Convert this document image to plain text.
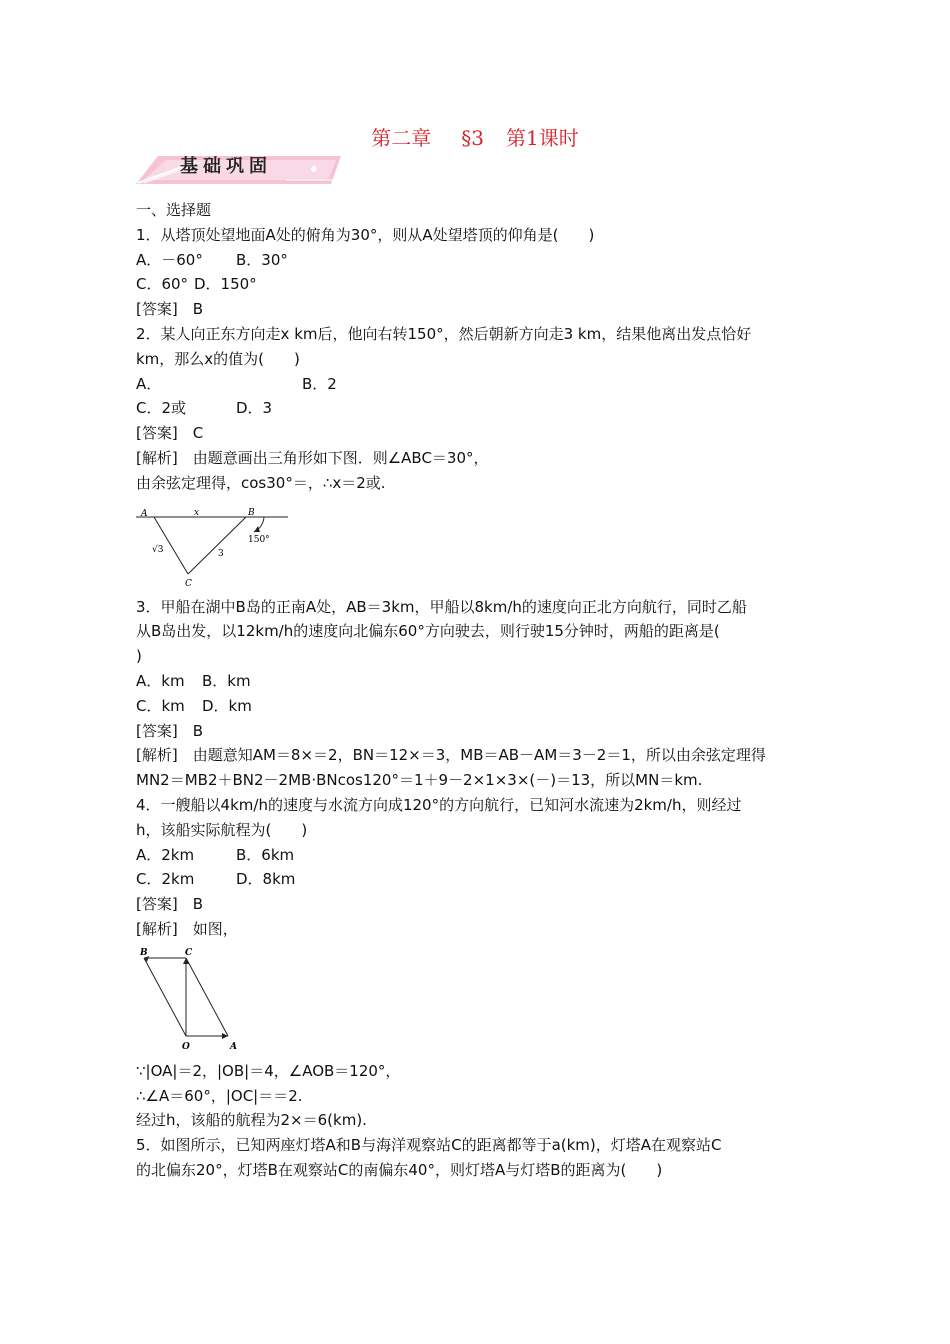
第二章 §3 第1课时
基础巩固
一、选择题
1．从塔顶处望地面A处的俯角为30°，则从A处望塔顶的仰角是(　　)
A．－60° B．30°
C．60° D．150°
[答案]　B
2．某人向正东方向走x km后，他向右转150°，然后朝新方向走3 km，结果他离出发点恰好
km，那么x的值为(　　)
A．	B．2
C．2或	D．3
[答案]　C
[解析]　由题意画出三角形如下图．则∠ABC＝30°，
由余弦定理得，cos30°＝，∴x＝2或.
A	x	B
150°
√3	3
C
3．甲船在湖中B岛的正南A处，AB＝3km，甲船以8km/h的速度向正北方向航行，同时乙船
从B岛出发，以12km/h的速度向北偏东60°方向驶去，则行驶15分钟时，两船的距离是(
)
A．km B．km
C．km D．km
[答案]　B
[解析]　由题意知AM＝8×＝2，BN＝12×＝3，MB＝AB－AM＝3－2＝1，所以由余弦定理得
MN2＝MB2＋BN2－2MB·BNcos120°＝1＋9－2×1×3×(－)＝13，所以MN＝km.
4．一艘船以4km/h的速度与水流方向成120°的方向航行，已知河水流速为2km/h，则经过
h，该船实际航程为(　　)
A．2km	B．6km
C．2km	D．8km
[答案]　B
[解析]　如图，
B	C
O	A
∵|OA|＝2，|OB|＝4，∠AOB＝120°，
∴∠A＝60°，|OC|＝＝2.
经过h，该船的航程为2×＝6(km).
5．如图所示，已知两座灯塔A和B与海洋观察站C的距离都等于a(km)，灯塔A在观察站C
的北偏东20°，灯塔B在观察站C的南偏东40°，则灯塔A与灯塔B的距离为(　　)
